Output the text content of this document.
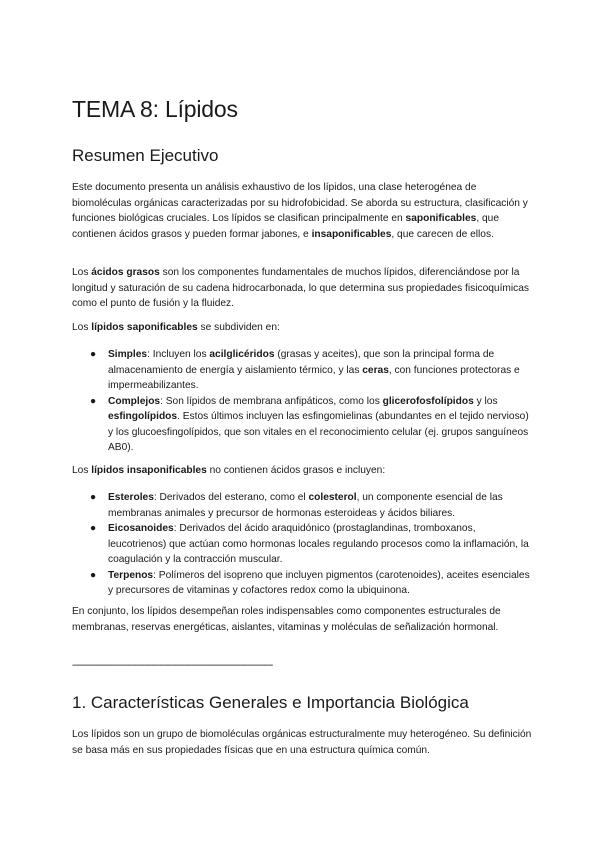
TEMA 8: Lípidos
Resumen Ejecutivo

Este documento presenta un análisis exhaustivo de los lípidos, una clase heterogénea de biomoléculas orgánicas caracterizadas por su hidrofobicidad. Se aborda su estructura, clasificación y funciones biológicas cruciales. Los lípidos se clasifican principalmente en saponificables, que contienen ácidos grasos y pueden formar jabones, e insaponificables, que carecen de ellos.

Los ácidos grasos son los componentes fundamentales de muchos lípidos, diferenciándose por la longitud y saturación de su cadena hidrocarbonada, lo que determina sus propiedades fisicoquímicas como el punto de fusión y la fluidez.

Los lípidos saponificables se subdividen en:

● Simples: Incluyen los acilglicéridos (grasas y aceites), que son la principal forma de almacenamiento de energía y aislamiento térmico, y las ceras, con funciones protectoras e impermeabilizantes.
● Complejos: Son lípidos de membrana anfipáticos, como los glicerofosfolípidos y los esfingolípidos. Estos últimos incluyen las esfingomielinas (abundantes en el tejido nervioso) y los glucoesfingolípidos, que son vitales en el reconocimiento celular (ej. grupos sanguíneos AB0).

Los lípidos insaponificables no contienen ácidos grasos e incluyen:

● Esteroles: Derivados del esterano, como el colesterol, un componente esencial de las membranas animales y precursor de hormonas esteroideas y ácidos biliares.
● Eicosanoides: Derivados del ácido araquidónico (prostaglandinas, tromboxanos, leucotrienos) que actúan como hormonas locales regulando procesos como la inflamación, la coagulación y la contracción muscular.
● Terpenos: Polímeros del isopreno que incluyen pigmentos (carotenoides), aceites esenciales y precursores de vitaminas y cofactores redox como la ubiquinona.

En conjunto, los lípidos desempeñan roles indispensables como componentes estructurales de membranas, reservas energéticas, aislantes, vitaminas y moléculas de señalización hormonal.

--------------------------------------------------------------------------------------

1. Características Generales e Importancia Biológica

Los lípidos son un grupo de biomoléculas orgánicas estructuralmente muy heterogéneo. Su definición se basa más en sus propiedades físicas que en una estructura química común.
